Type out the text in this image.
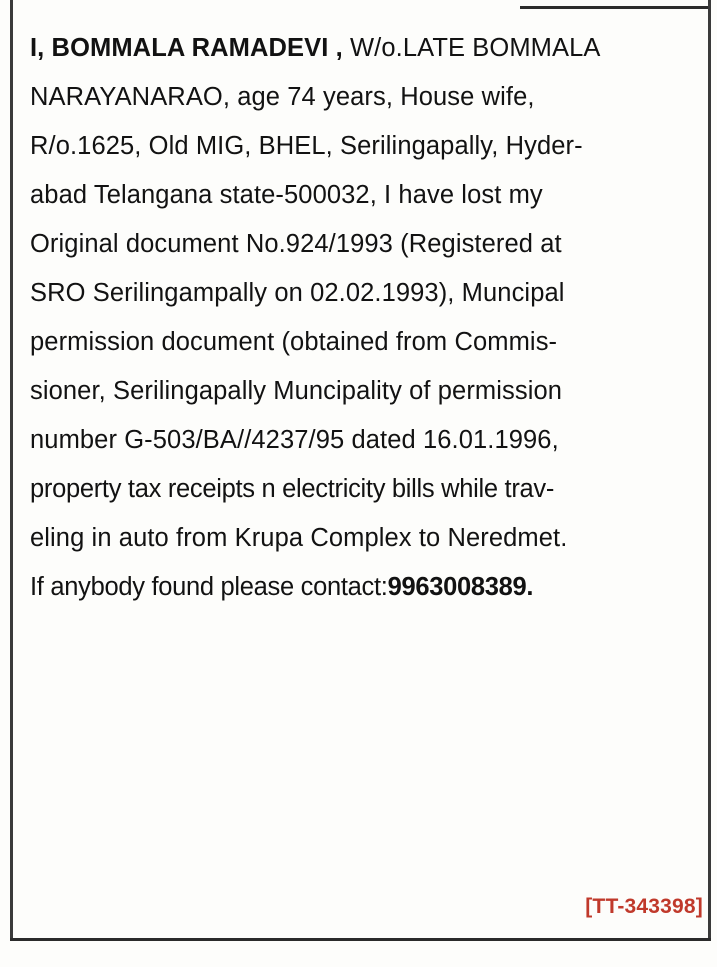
I, BOMMALA RAMADEVI , W/o.LATE BOMMALA
NARAYANARAO, age 74 years, House wife,
R/o.1625, Old MIG, BHEL, Serilingapally, Hyder-
abad Telangana state-500032, I have lost my
Original document No.924/1993 (Registered at
SRO Serilingampally on 02.02.1993), Muncipal
permission document (obtained from Commis-
sioner, Serilingapally Muncipality of permission
number G-503/BA//4237/95 dated 16.01.1996,
property tax receipts n electricity bills while trav-
eling in auto from Krupa Complex to Neredmet.
If anybody found please contact:9963008389.

[TT-343398]
